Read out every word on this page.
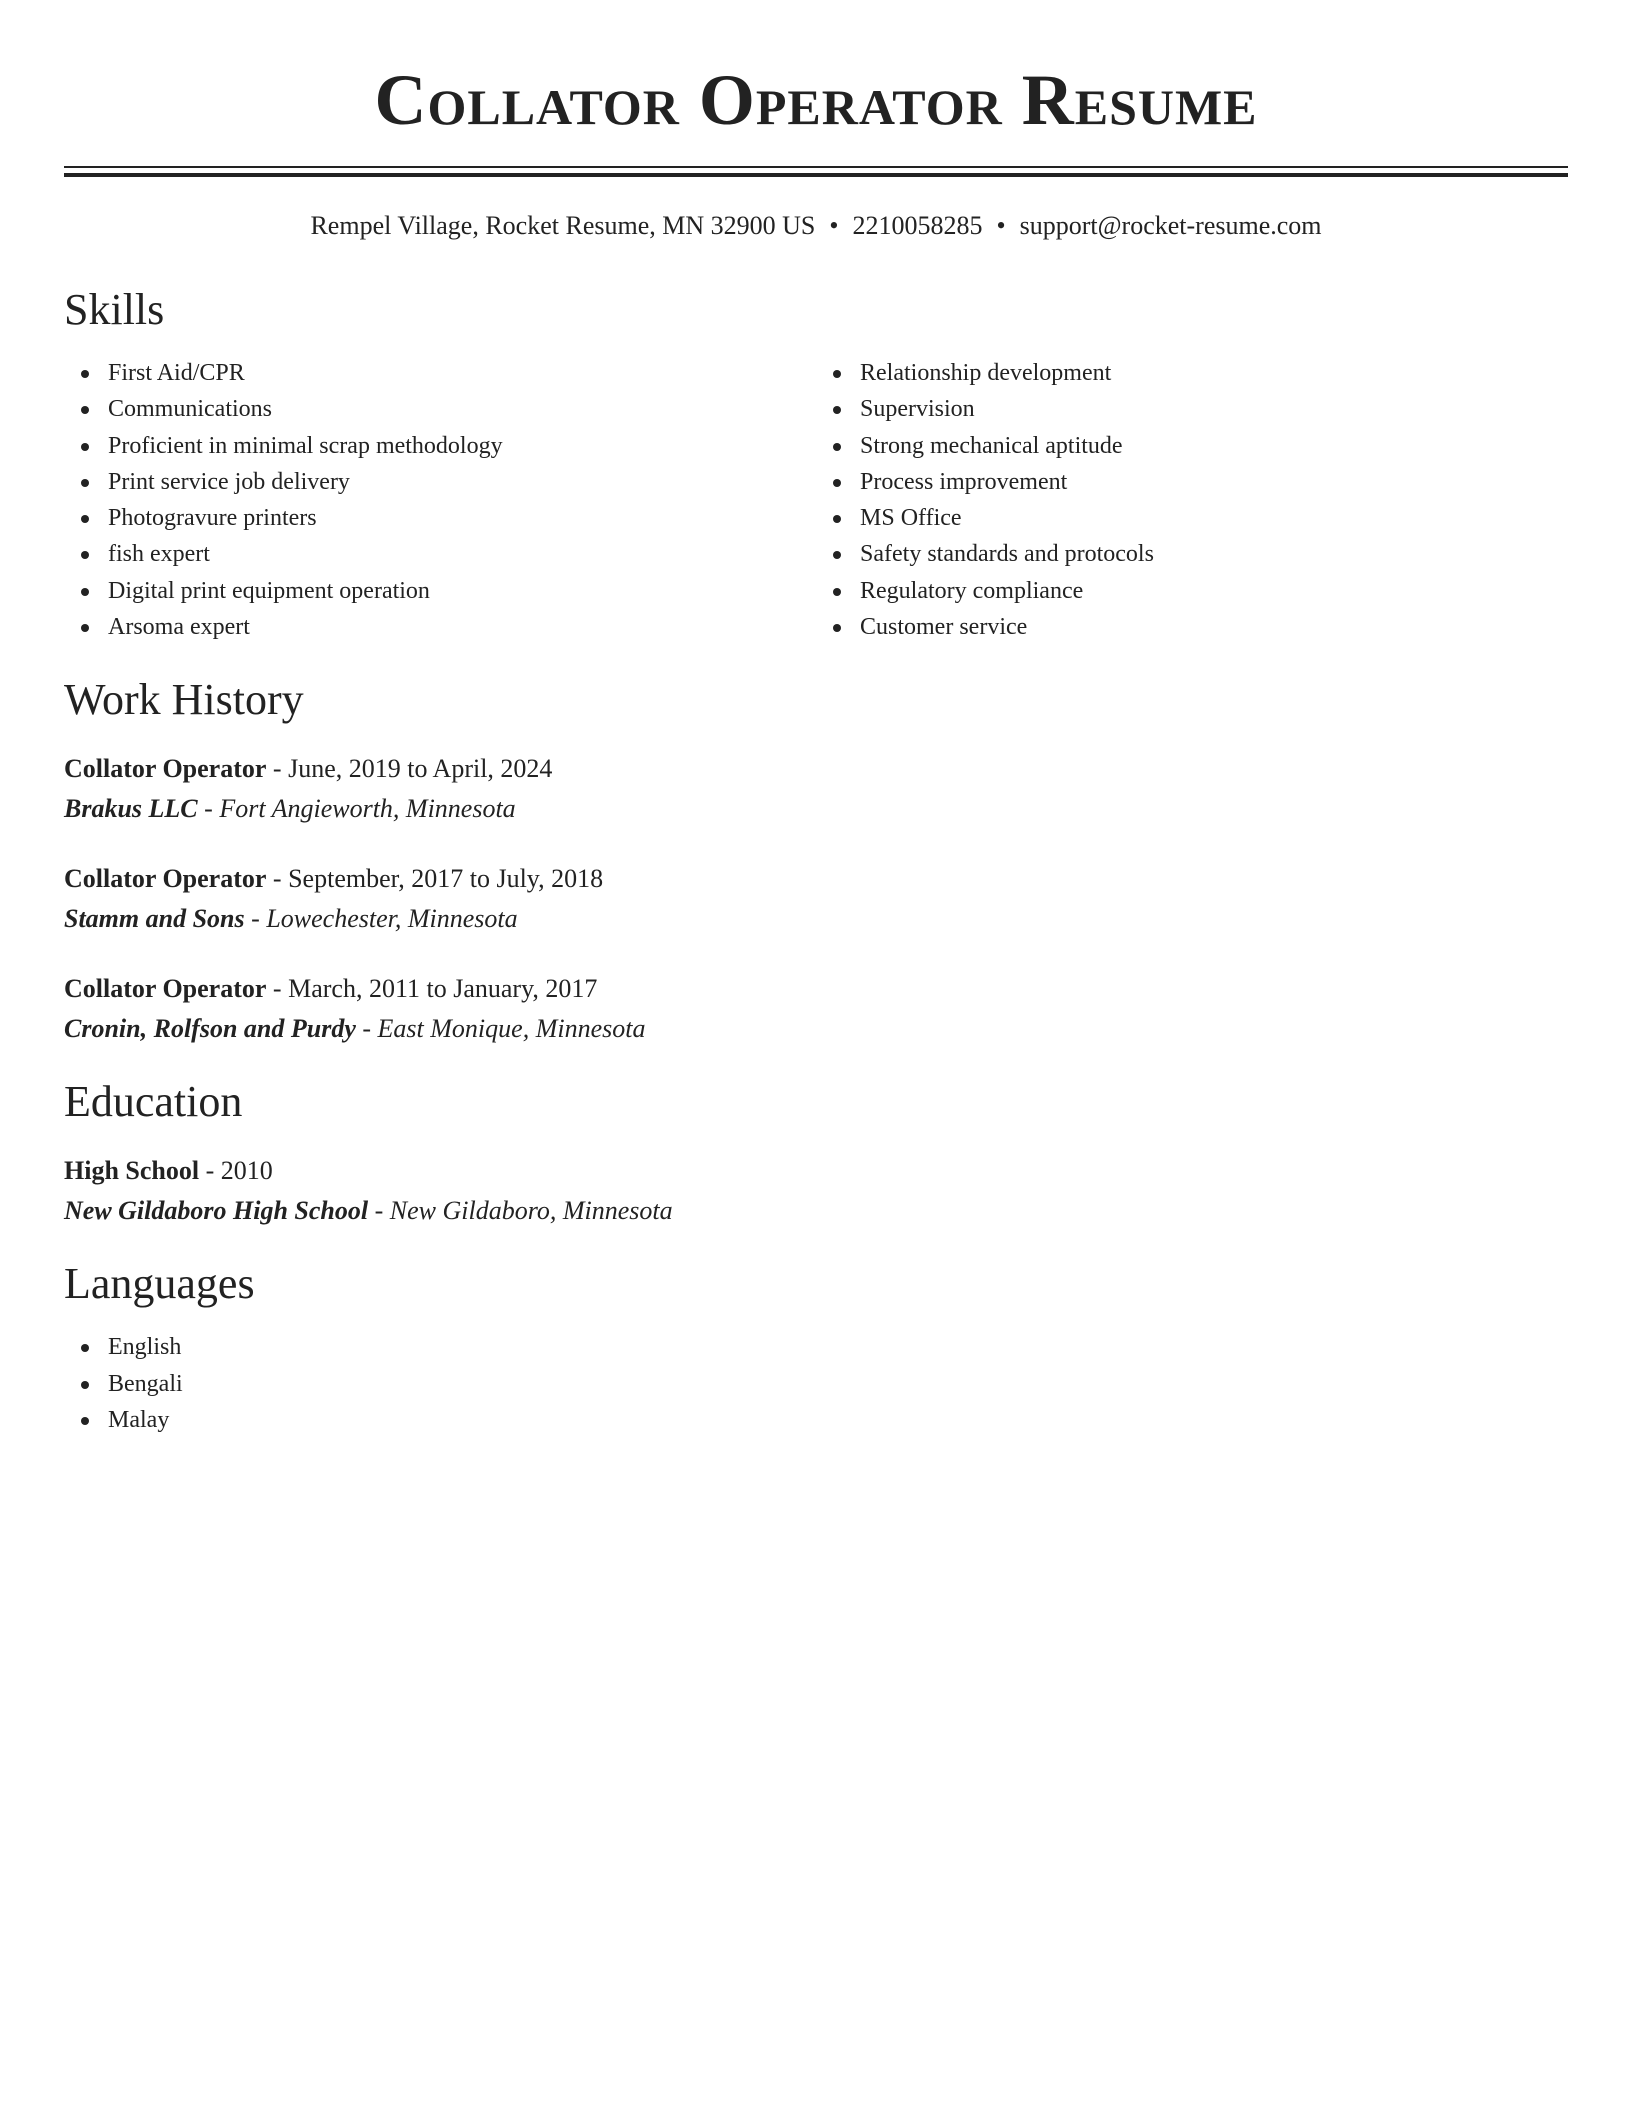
Collator Operator Resume
Rempel Village, Rocket Resume, MN 32900 US • 2210058285 • support@rocket-resume.com
Skills
First Aid/CPR
Communications
Proficient in minimal scrap methodology
Print service job delivery
Photogravure printers
fish expert
Digital print equipment operation
Arsoma expert
Relationship development
Supervision
Strong mechanical aptitude
Process improvement
MS Office
Safety standards and protocols
Regulatory compliance
Customer service
Work History
Collator Operator - June, 2019 to April, 2024
Brakus LLC - Fort Angieworth, Minnesota
Collator Operator - September, 2017 to July, 2018
Stamm and Sons - Lowechester, Minnesota
Collator Operator - March, 2011 to January, 2017
Cronin, Rolfson and Purdy - East Monique, Minnesota
Education
High School - 2010
New Gildaboro High School - New Gildaboro, Minnesota
Languages
English
Bengali
Malay
